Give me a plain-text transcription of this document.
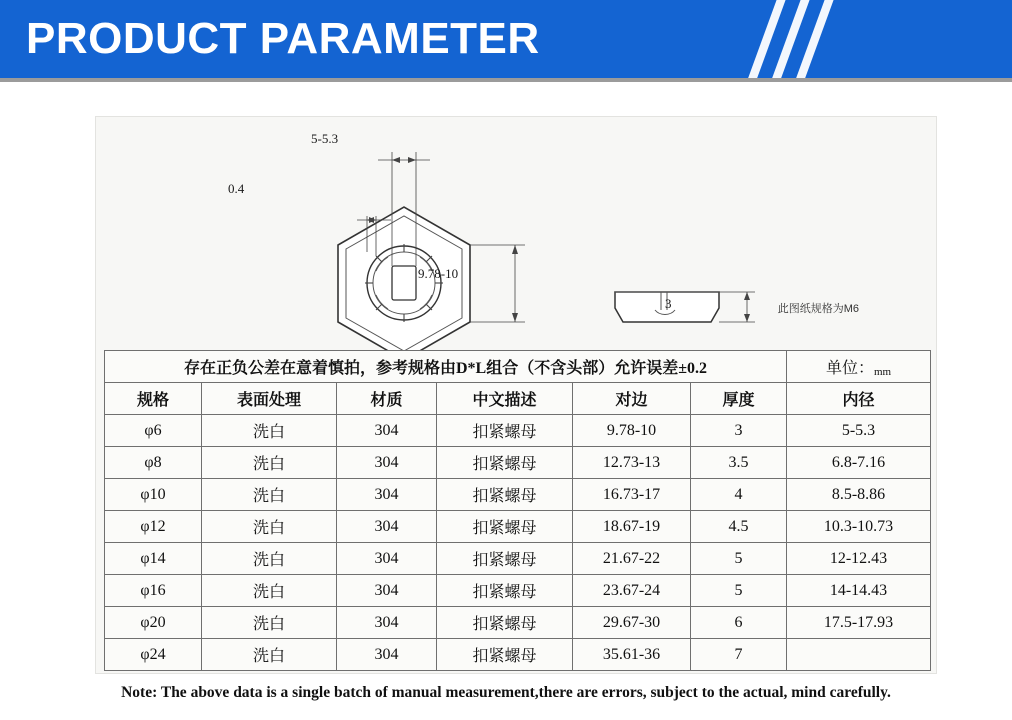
PRODUCT PARAMETER
5-5.3
0.4
9.78-10
3	此图纸规格为M6
存在正负公差在意着慎拍，参考规格由D*L组合（不含头部）允许误差±0.2						单位：mm
规格	表面处理	材质	中文描述	对边	厚度	内径
φ6	洗白	304	扣紧螺母	9.78-10	3	5-5.3
φ8	洗白	304	扣紧螺母	12.73-13	3.5	6.8-7.16
φ10	洗白	304	扣紧螺母	16.73-17	4	8.5-8.86
φ12	洗白	304	扣紧螺母	18.67-19	4.5	10.3-10.73
φ14	洗白	304	扣紧螺母	21.67-22	5	12-12.43
φ16	洗白	304	扣紧螺母	23.67-24	5	14-14.43
φ20	洗白	304	扣紧螺母	29.67-30	6	17.5-17.93
φ24	洗白	304	扣紧螺母	35.61-36	7	
Note: The above data is a single batch of manual measurement,there are errors, subject to the actual, mind carefully.
